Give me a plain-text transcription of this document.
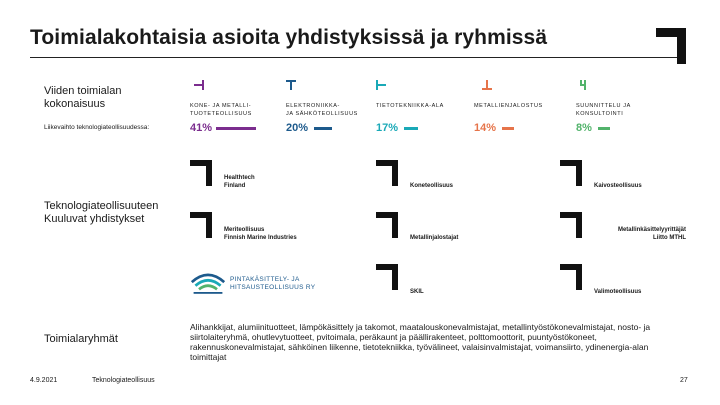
Toimialakohtaisia asioita yhdistyksissä ja ryhmissä
Viiden toimialan kokonaisuus
Liikevaihto teknologiateollisuudessa:
KONE- JA METALLI-
TUOTETEOLLISUUS
41%
ELEKTRONIIKKA-
JA SÄHKÖTEOLLISUUS
20%
TIETOTEKNIIKKA-ALA
17%
METALLIENJALOSTUS
14%
SUUNNITTELU JA
KONSULTOINTI
8%
Teknologiateollisuuteen Kuuluvat yhdistykset
Healthtech
Finland	Koneteollisuus	Kaivosteollisuus
Meriteollisuus
Finnish Marine Industries	Metallinjalostajat
Metallinkäsittelyyrittäjät
Liitto MTHL
PINTAKÄSITTELY- JA
HITSAUSTEOLLISUUS RY
SKIL	Valimoteollisuus
Toimialaryhmät
Alihankkijat, alumiinituotteet, lämpökäsittely ja takomot, maatalouskonevalmistajat, metallintyöstökonevalmistajat, nosto- ja siirtolaiteryhmä, ohutlevytuotteet, pvitoimala, peräkaunt ja päällirakenteet, polttomoottorit, puuntyöstökoneet, rakennuskonevalmistajat, sähköinen liikenne, tietotekniikka, työvälineet, valaisinvalmistajat, voimansiirto, ydinenergia-alan toimittajat
4.9.2021	Teknologiateollisuus	27
